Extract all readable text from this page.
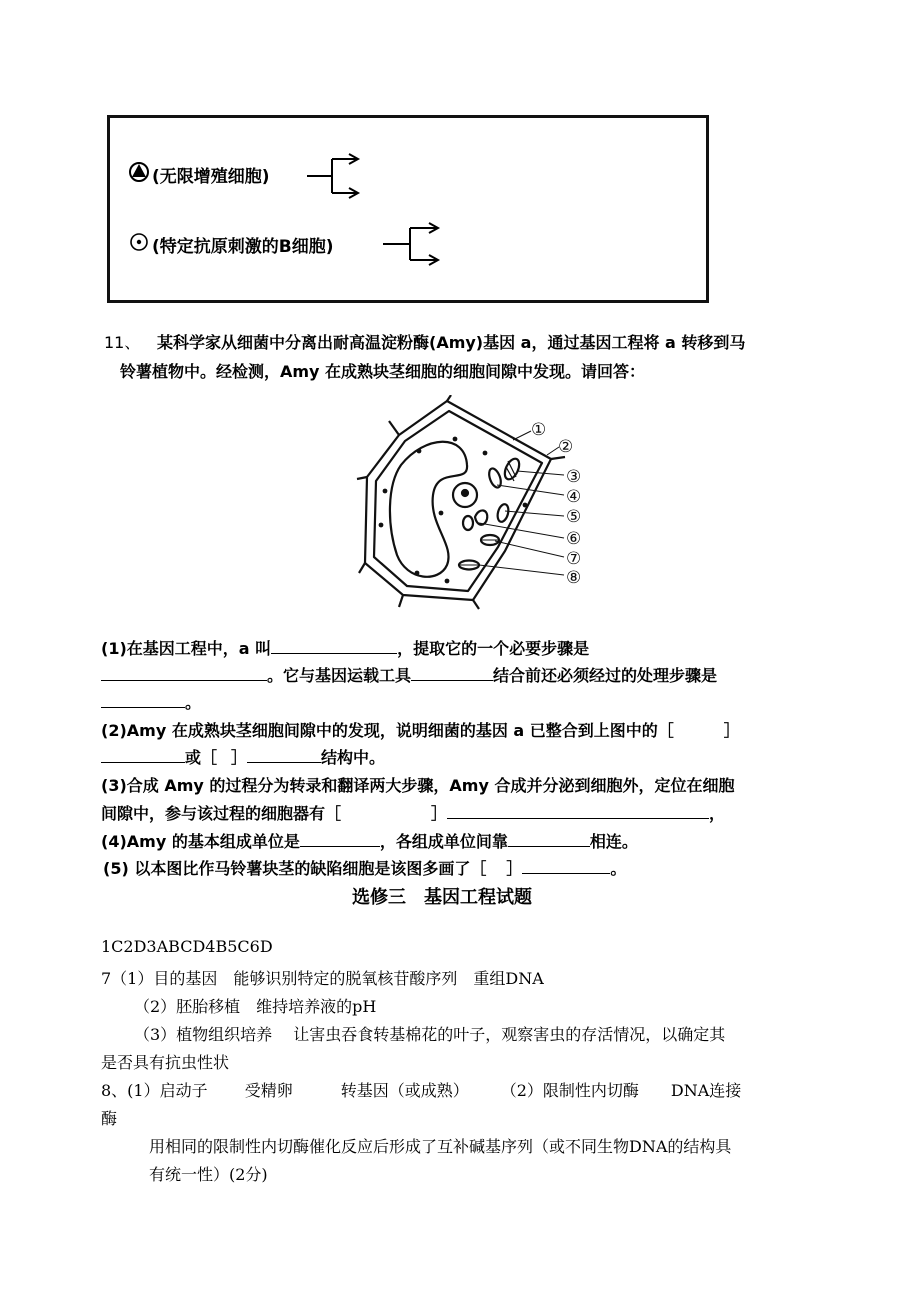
(无限增殖细胞)
(特定抗原刺激的B细胞)
11、 某科学家从细菌中分离出耐高温淀粉酶(Amy)基因 a，通过基因工程将 a 转移到马
铃薯植物中。经检测，Amy 在成熟块茎细胞的细胞间隙中发现。请回答：
①
②
③
④
⑤
⑥
⑦
⑧
(1)在基因工程中，a 叫	，提取它的一个必要步骤是
。它与基因运载工具	结合前还必须经过的处理步骤是
。
(2)Amy 在成熟块茎细胞间隙中的发现，说明细菌的基因 a 已整合到上图中的［	］
或［ ］	结构中。
(3)合成 Amy 的过程分为转录和翻译两大步骤，Amy 合成并分泌到细胞外，定位在细胞
间隙中，参与该过程的细胞器有［	］	，
(4)Amy 的基本组成单位是	，各组成单位间靠	相连。
(5) 以本图比作马铃薯块茎的缺陷细胞是该图多画了［ ］	。
选修三　基因工程试题
1C2D3ABCD4B5C6D
7（1）目的基因　能够识别特定的脱氧核苷酸序列　重组DNA
（2）胚胎移植　维持培养液的pH
（3）植物组织培养　 让害虫吞食转基棉花的叶子，观察害虫的存活情况，以确定其
是否具有抗虫性状
8、(1）启动子　　 受精卵　　　转基因（或成熟）　　　（2）限制性内切酶　　DNA连接
酶
用相同的限制性内切酶催化反应后形成了互补碱基序列（或不同生物DNA的结构具
有统一性）(2分)
